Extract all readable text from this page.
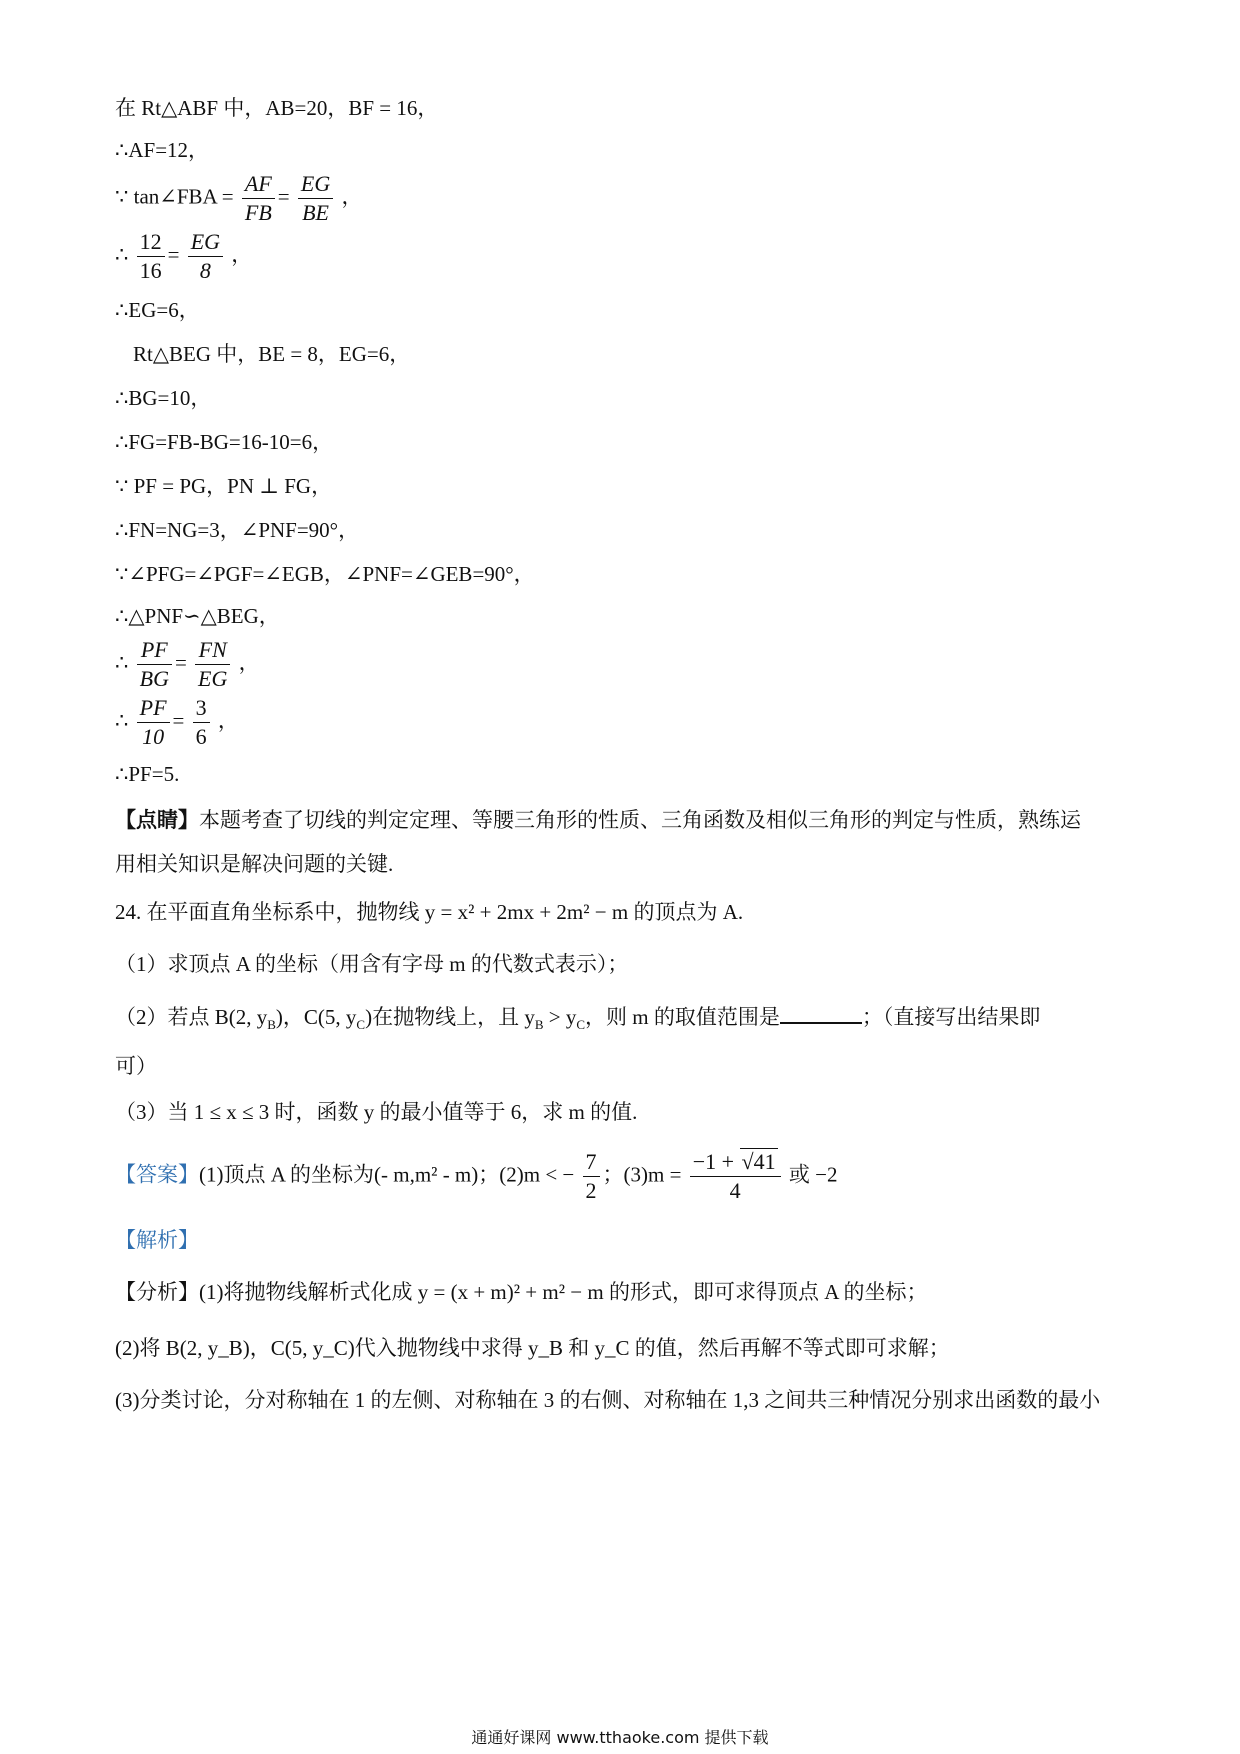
在 Rt△ABF 中，AB=20，BF = 16，
∴AF=12，
∵ tan∠FBA = $\frac{AF}{FB} = \frac{EG}{BE}$ ，
∴ $\frac{12}{16} = \frac{EG}{8}$ ，
∴EG=6，
Rt△BEG 中，BE = 8，EG=6，
∴BG=10，
∴FG=FB-BG=16-10=6，
∵ PF = PG，PN ⊥ FG，
∴FN=NG=3，∠PNF=90°，
∵∠PFG=∠PGF=∠EGB，∠PNF=∠GEB=90°，
∴△PNF∽△BEG，
∴ $\frac{PF}{BG} = \frac{FN}{EG}$ ，
∴ $\frac{PF}{10} = \frac{3}{6}$ ，
∴PF=5.
【点睛】本题考查了切线的判定定理、等腰三角形的性质、三角函数及相似三角形的判定与性质，熟练运
用相关知识是解决问题的关键.
24. 在平面直角坐标系中，抛物线 y = x² + 2mx + 2m² − m 的顶点为 A.
（1）求顶点 A 的坐标（用含有字母 m 的代数式表示）；
（2）若点 B(2, $y_B$)，C(5, $y_C$)在抛物线上，且 $y_B > y_C$，则 m 的取值范围是	；（直接写出结果即
可）
（3）当 1 ≤ x ≤ 3 时，函数 y 的最小值等于 6，求 m 的值.
【答案】(1)顶点 A 的坐标为(- m,m² - m)；(2)m < − $\frac{7}{2}$ ；$(3)m = \frac{-1 + √41}{4}$ 或 −2
【解析】
【分析】(1)将抛物线解析式化成 y = (x + m)² + m² − m 的形式，即可求得顶点 A 的坐标；
(2)将 B(2, y_B)，C(5, y_C)代入抛物线中求得 y_B 和 y_C 的值，然后再解不等式即可求解；
(3)分类讨论，分对称轴在 1 的左侧、对称轴在 3 的右侧、对称轴在 1,3 之间共三种情况分别求出函数的最小
通通好课网 www.tthaoke.com 提供下载
